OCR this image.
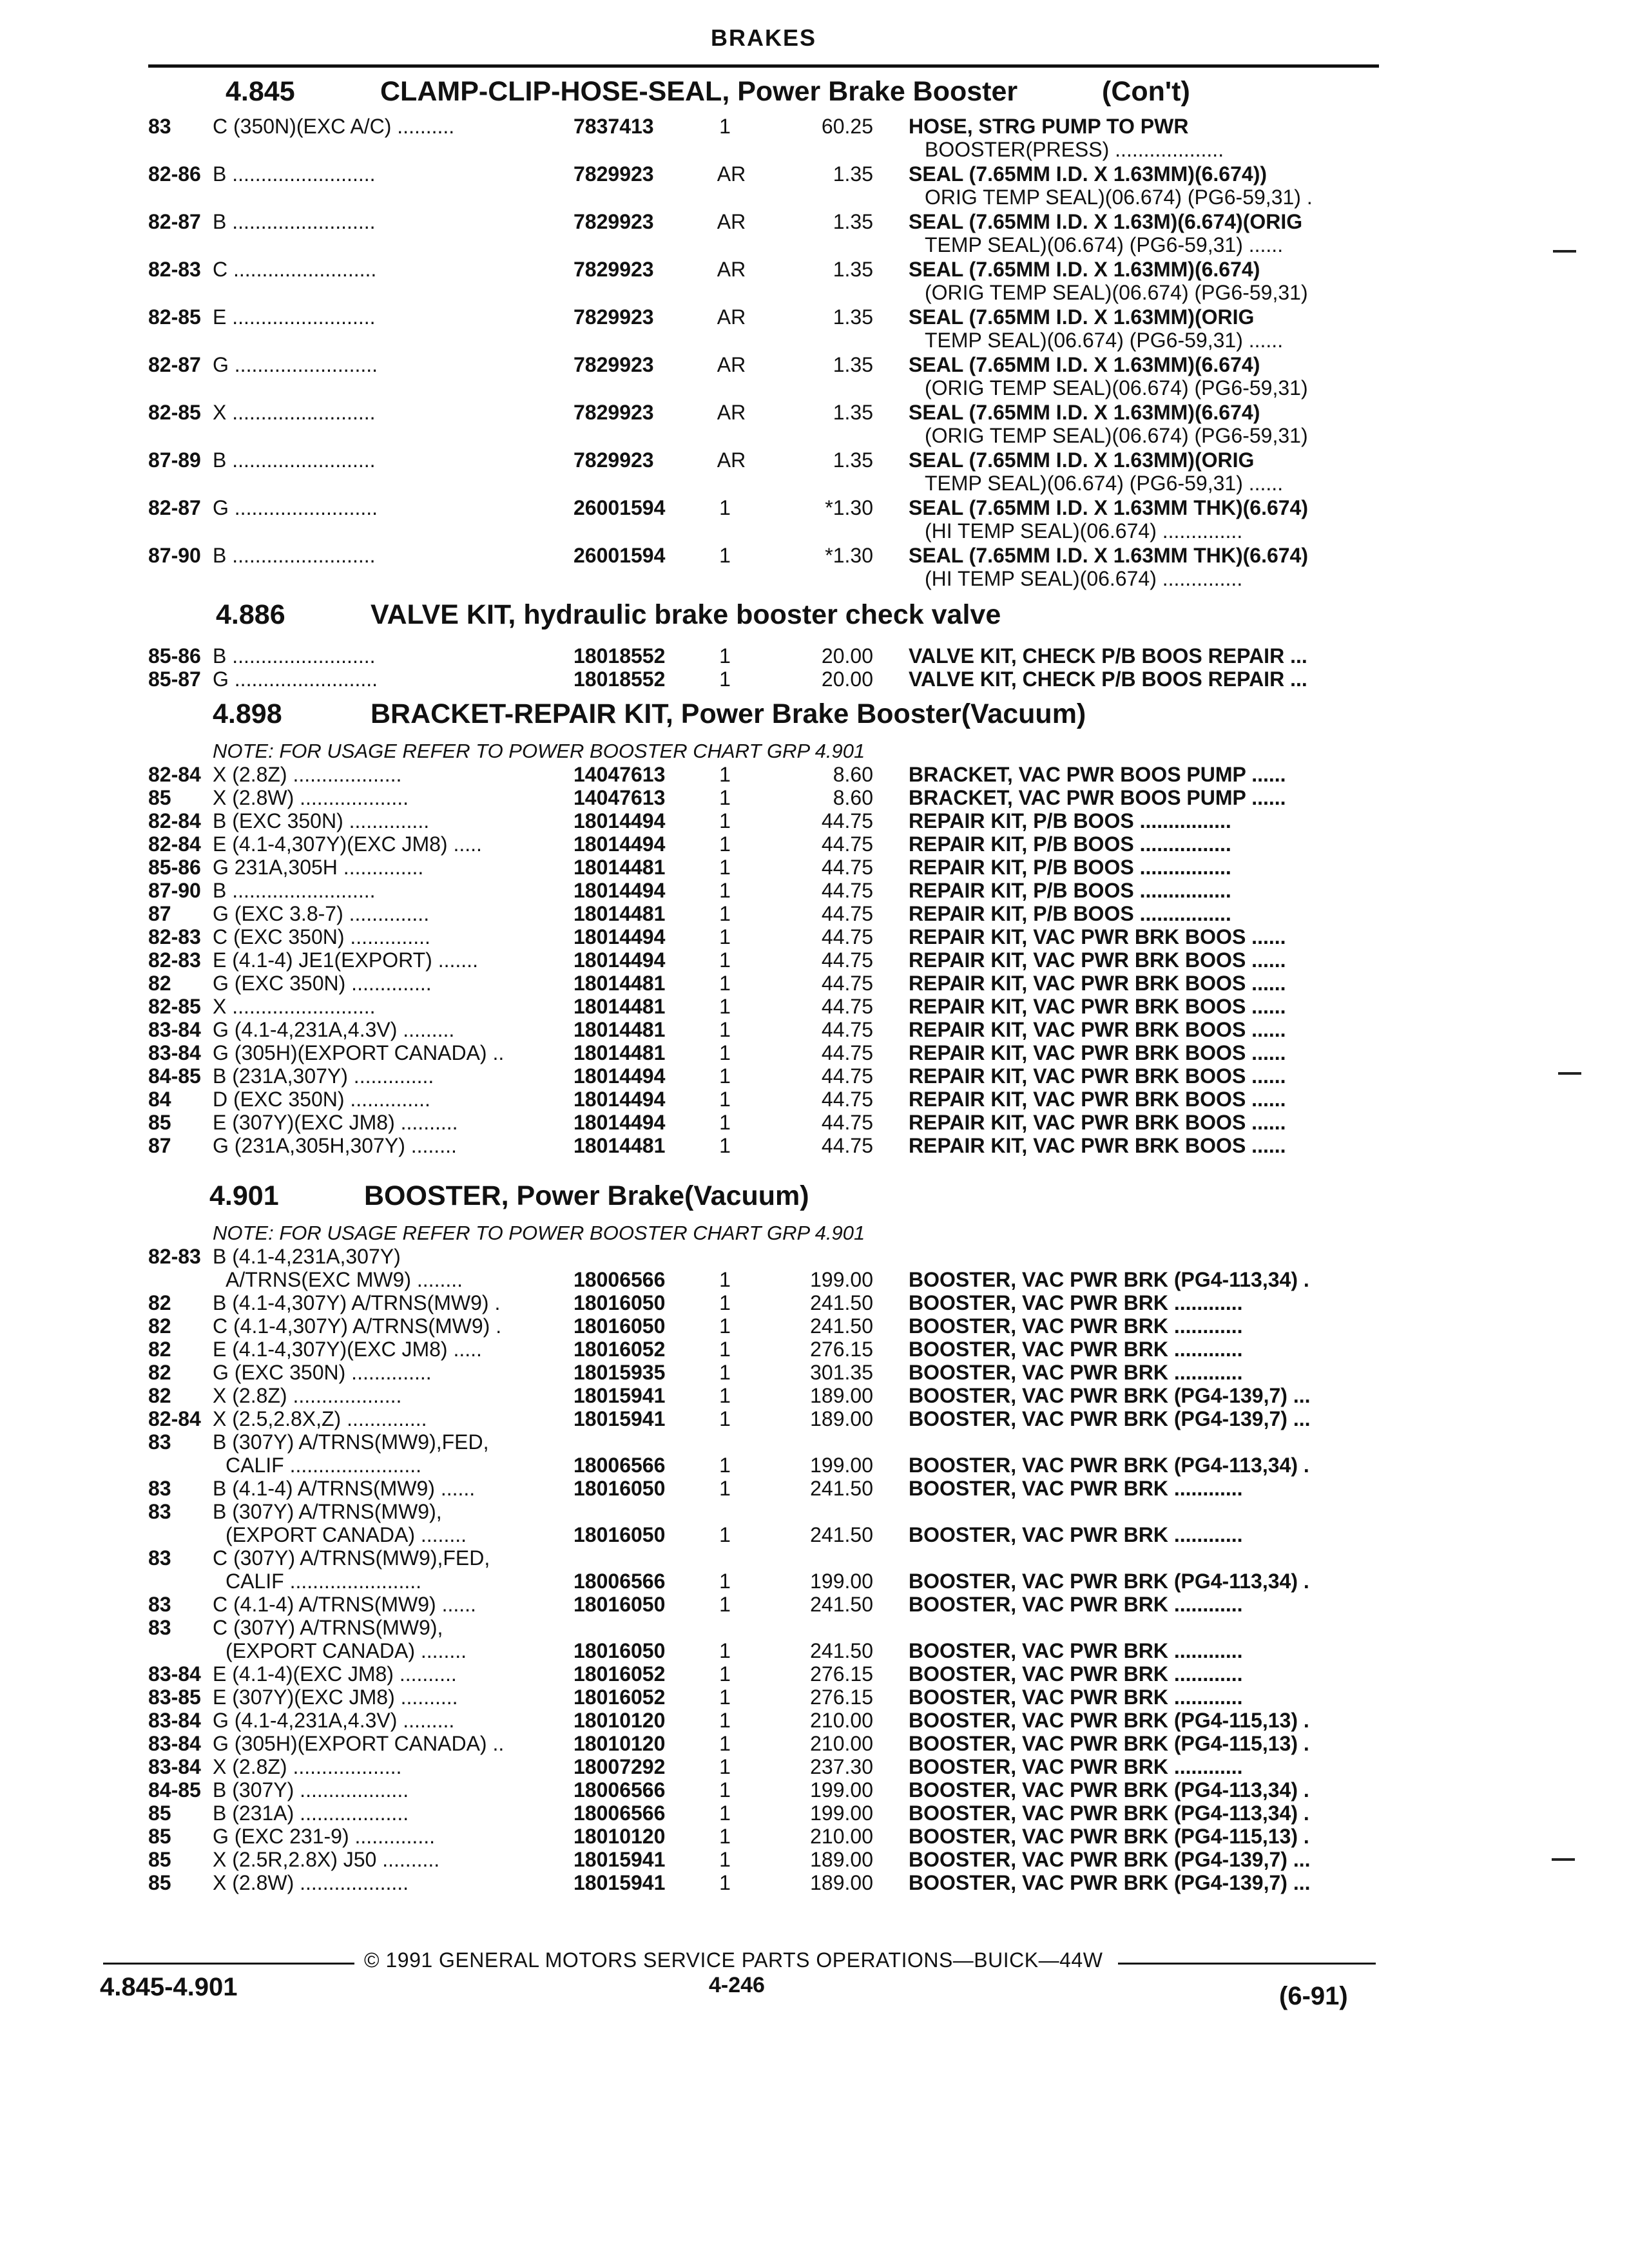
BRAKES
4.845	CLAMP-CLIP-HOSE-SEAL, Power Brake Booster	(Con't)
4.886	VALVE KIT, hydraulic brake booster check valve
4.898	BRACKET-REPAIR KIT, Power Brake Booster(Vacuum)
4.901	BOOSTER, Power Brake(Vacuum)
NOTE: FOR USAGE REFER TO POWER BOOSTER CHART GRP 4.901
NOTE: FOR USAGE REFER TO POWER BOOSTER CHART GRP 4.901
83 C (350N)(EXC A/C) ..........	7837413	1	60.25 HOSE, STRG PUMP TO PWR
BOOSTER(PRESS) ...................
82-86 B .........................	7829923	AR	1.35 SEAL (7.65MM I.D. X 1.63MM)(6.674))
ORIG TEMP SEAL)(06.674) (PG6-59,31) .
82-87 B .........................	7829923	AR	1.35 SEAL (7.65MM I.D. X 1.63M)(6.674)(ORIG
TEMP SEAL)(06.674) (PG6-59,31) ......
82-83 C .........................	7829923	AR	1.35 SEAL (7.65MM I.D. X 1.63MM)(6.674)
(ORIG TEMP SEAL)(06.674) (PG6-59,31)
82-85 E .........................	7829923	AR	1.35 SEAL (7.65MM I.D. X 1.63MM)(ORIG
TEMP SEAL)(06.674) (PG6-59,31) ......
82-87 G .........................	7829923	AR	1.35 SEAL (7.65MM I.D. X 1.63MM)(6.674)
(ORIG TEMP SEAL)(06.674) (PG6-59,31)
82-85 X .........................	7829923	AR	1.35 SEAL (7.65MM I.D. X 1.63MM)(6.674)
(ORIG TEMP SEAL)(06.674) (PG6-59,31)
87-89 B .........................	7829923	AR	1.35 SEAL (7.65MM I.D. X 1.63MM)(ORIG
TEMP SEAL)(06.674) (PG6-59,31) ......
82-87 G .........................	26001594	1	*1.30 SEAL (7.65MM I.D. X 1.63MM THK)(6.674)
(HI TEMP SEAL)(06.674) ..............
87-90 B .........................	26001594	1	*1.30 SEAL (7.65MM I.D. X 1.63MM THK)(6.674)
(HI TEMP SEAL)(06.674) ..............
85-86 B .........................	18018552	1	20.00 VALVE KIT, CHECK P/B BOOS REPAIR ...
85-87 G .........................	18018552	1	20.00 VALVE KIT, CHECK P/B BOOS REPAIR ...
82-84 X (2.8Z) ...................	14047613	1	8.60 BRACKET, VAC PWR BOOS PUMP ......
85 X (2.8W) ...................	14047613	1	8.60 BRACKET, VAC PWR BOOS PUMP ......
82-84 B (EXC 350N) ..............	18014494	1	44.75 REPAIR KIT, P/B BOOS ................
82-84 E (4.1-4,307Y)(EXC JM8) .....	18014494	1	44.75 REPAIR KIT, P/B BOOS ................
85-86 G 231A,305H ..............	18014481	1	44.75 REPAIR KIT, P/B BOOS ................
87-90 B .........................	18014494	1	44.75 REPAIR KIT, P/B BOOS ................
87 G (EXC 3.8-7) ..............	18014481	1	44.75 REPAIR KIT, P/B BOOS ................
82-83 C (EXC 350N) ..............	18014494	1	44.75 REPAIR KIT, VAC PWR BRK BOOS ......
82-83 E (4.1-4) JE1(EXPORT) .......	18014494	1	44.75 REPAIR KIT, VAC PWR BRK BOOS ......
82 G (EXC 350N) ..............	18014481	1	44.75 REPAIR KIT, VAC PWR BRK BOOS ......
82-85 X .........................	18014481	1	44.75 REPAIR KIT, VAC PWR BRK BOOS ......
83-84 G (4.1-4,231A,4.3V) .........	18014481	1	44.75 REPAIR KIT, VAC PWR BRK BOOS ......
83-84 G (305H)(EXPORT CANADA) ..	18014481	1	44.75 REPAIR KIT, VAC PWR BRK BOOS ......
84-85 B (231A,307Y) ..............	18014494	1	44.75 REPAIR KIT, VAC PWR BRK BOOS ......
84 D (EXC 350N) ..............	18014494	1	44.75 REPAIR KIT, VAC PWR BRK BOOS ......
85 E (307Y)(EXC JM8) ..........	18014494	1	44.75 REPAIR KIT, VAC PWR BRK BOOS ......
87 G (231A,305H,307Y) ........	18014481	1	44.75 REPAIR KIT, VAC PWR BRK BOOS ......
82-83 B (4.1-4,231A,307Y)
A/TRNS(EXC MW9) ........	18006566	1	199.00 BOOSTER, VAC PWR BRK (PG4-113,34) .
82 B (4.1-4,307Y) A/TRNS(MW9) .	18016050	1	241.50 BOOSTER, VAC PWR BRK ............
82 C (4.1-4,307Y) A/TRNS(MW9) .	18016050	1	241.50 BOOSTER, VAC PWR BRK ............
82 E (4.1-4,307Y)(EXC JM8) .....	18016052	1	276.15 BOOSTER, VAC PWR BRK ............
82 G (EXC 350N) ..............	18015935	1	301.35 BOOSTER, VAC PWR BRK ............
82 X (2.8Z) ...................	18015941	1	189.00 BOOSTER, VAC PWR BRK (PG4-139,7) ...
82-84 X (2.5,2.8X,Z) ..............	18015941	1	189.00 BOOSTER, VAC PWR BRK (PG4-139,7) ...
83 B (307Y) A/TRNS(MW9),FED,
CALIF .......................	18006566	1	199.00 BOOSTER, VAC PWR BRK (PG4-113,34) .
83 B (4.1-4) A/TRNS(MW9) ......	18016050	1	241.50 BOOSTER, VAC PWR BRK ............
83 B (307Y) A/TRNS(MW9),
(EXPORT CANADA) ........	18016050	1	241.50 BOOSTER, VAC PWR BRK ............
83 C (307Y) A/TRNS(MW9),FED,
CALIF .......................	18006566	1	199.00 BOOSTER, VAC PWR BRK (PG4-113,34) .
83 C (4.1-4) A/TRNS(MW9) ......	18016050	1	241.50 BOOSTER, VAC PWR BRK ............
83 C (307Y) A/TRNS(MW9),
(EXPORT CANADA) ........	18016050	1	241.50 BOOSTER, VAC PWR BRK ............
83-84 E (4.1-4)(EXC JM8) ..........	18016052	1	276.15 BOOSTER, VAC PWR BRK ............
83-85 E (307Y)(EXC JM8) ..........	18016052	1	276.15 BOOSTER, VAC PWR BRK ............
83-84 G (4.1-4,231A,4.3V) .........	18010120	1	210.00 BOOSTER, VAC PWR BRK (PG4-115,13) .
83-84 G (305H)(EXPORT CANADA) ..	18010120	1	210.00 BOOSTER, VAC PWR BRK (PG4-115,13) .
83-84 X (2.8Z) ...................	18007292	1	237.30 BOOSTER, VAC PWR BRK ............
84-85 B (307Y) ...................	18006566	1	199.00 BOOSTER, VAC PWR BRK (PG4-113,34) .
85 B (231A) ...................	18006566	1	199.00 BOOSTER, VAC PWR BRK (PG4-113,34) .
85 G (EXC 231-9) ..............	18010120	1	210.00 BOOSTER, VAC PWR BRK (PG4-115,13) .
85 X (2.5R,2.8X) J50 ..........	18015941	1	189.00 BOOSTER, VAC PWR BRK (PG4-139,7) ...
85 X (2.8W) ...................	18015941	1	189.00 BOOSTER, VAC PWR BRK (PG4-139,7) ...
© 1991 GENERAL MOTORS SERVICE PARTS OPERATIONS—BUICK—44W
4.845-4.901	4-246	(6-91)
